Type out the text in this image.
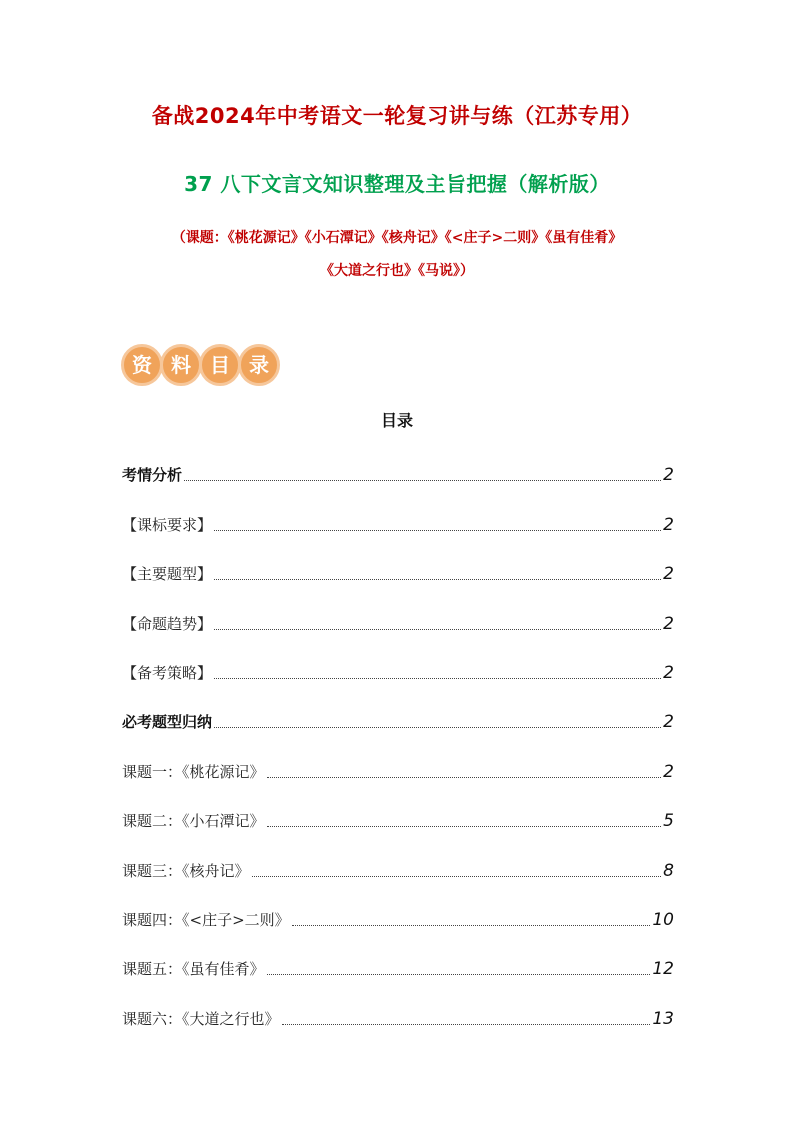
备战2024年中考语文一轮复习讲与练（江苏专用）
37 八下文言文知识整理及主旨把握（解析版）
（课题：《桃花源记》《小石潭记》《核舟记》《<庄子>二则》《虽有佳肴》
《大道之行也》《马说》）
资 料 目 录
目录
考情分析	2
【课标要求】	2
【主要题型】	2
【命题趋势】	2
【备考策略】	2
必考题型归纳	2
课题一：《桃花源记》	2
课题二：《小石潭记》	5
课题三：《核舟记》	8
课题四：《<庄子>二则》	10
课题五：《虽有佳肴》	12
课题六：《大道之行也》	13
